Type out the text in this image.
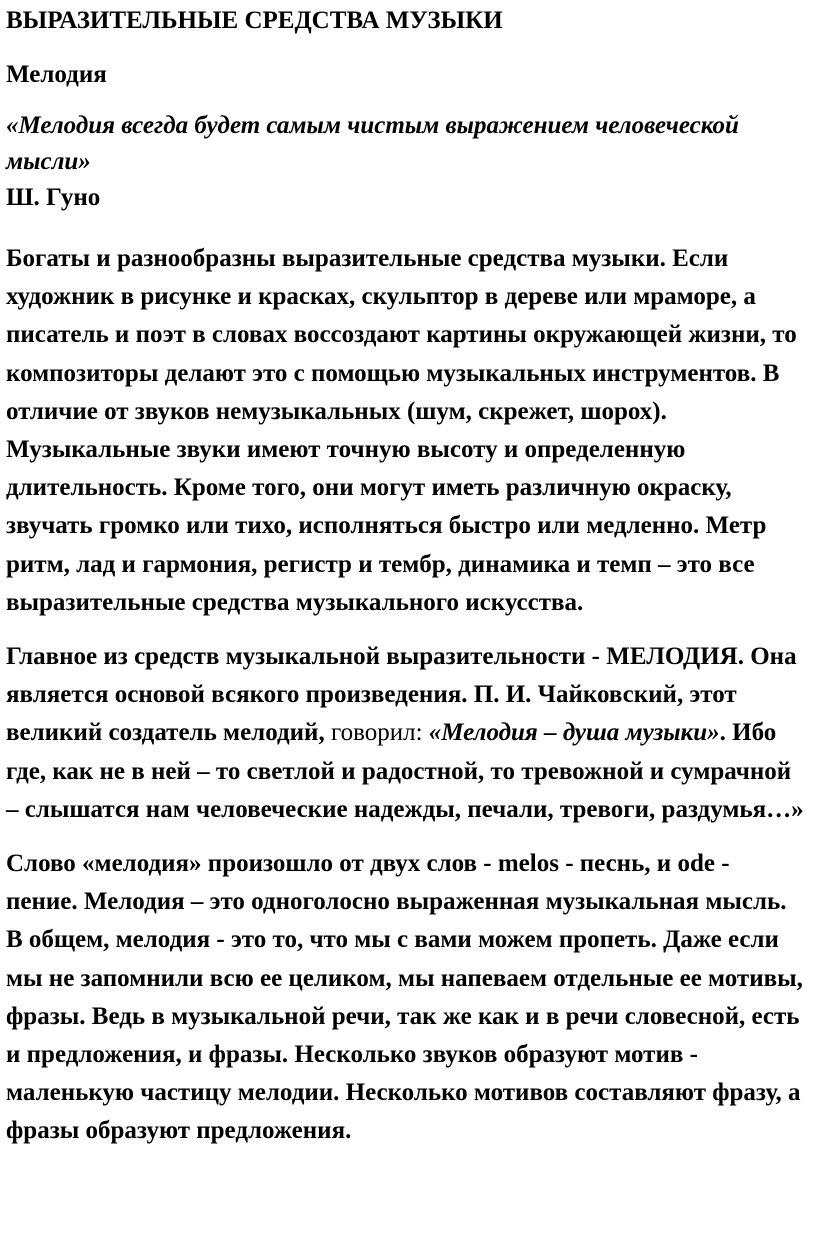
ВЫРАЗИТЕЛЬНЫЕ СРЕДСТВА МУЗЫКИ
Мелодия
«Мелодия всегда будет самым чистым выражением человеческой мысли»
Ш. Гуно

Богаты и разнообразны выразительные средства музыки. Если художник в рисунке и красках, скульптор в дереве или мраморе, а писатель и поэт в словах воссоздают картины окружающей жизни, то композиторы делают это с помощью музыкальных инструментов. В отличие от звуков немузыкальных (шум, скрежет, шорох). Музыкальные звуки имеют точную высоту и определенную длительность. Кроме того, они могут иметь различную окраску, звучать громко или тихо, исполняться быстро или медленно. Метр ритм, лад и гармония, регистр и тембр, динамика и темп – это все выразительные средства музыкального искусства.

Главное из средств музыкальной выразительности - МЕЛОДИЯ. Она является основой всякого произведения. П. И. Чайковский, этот великий создатель мелодий, говорил: «Мелодия – душа музыки». Ибо где, как не в ней – то светлой и радостной, то тревожной и сумрачной – слышатся нам человеческие надежды, печали, тревоги, раздумья…»

Слово «мелодия» произошло от двух слов - melos - песнь, и ode - пение. Мелодия – это одноголосно выраженная музыкальная мысль. В общем, мелодия - это то, что мы с вами можем пропеть. Даже если мы не запомнили всю ее целиком, мы напеваем отдельные ее мотивы, фразы. Ведь в музыкальной речи, так же как и в речи словесной, есть и предложения, и фразы. Несколько звуков образуют мотив - маленькую частицу мелодии. Несколько мотивов составляют фразу, а фразы образуют предложения.
